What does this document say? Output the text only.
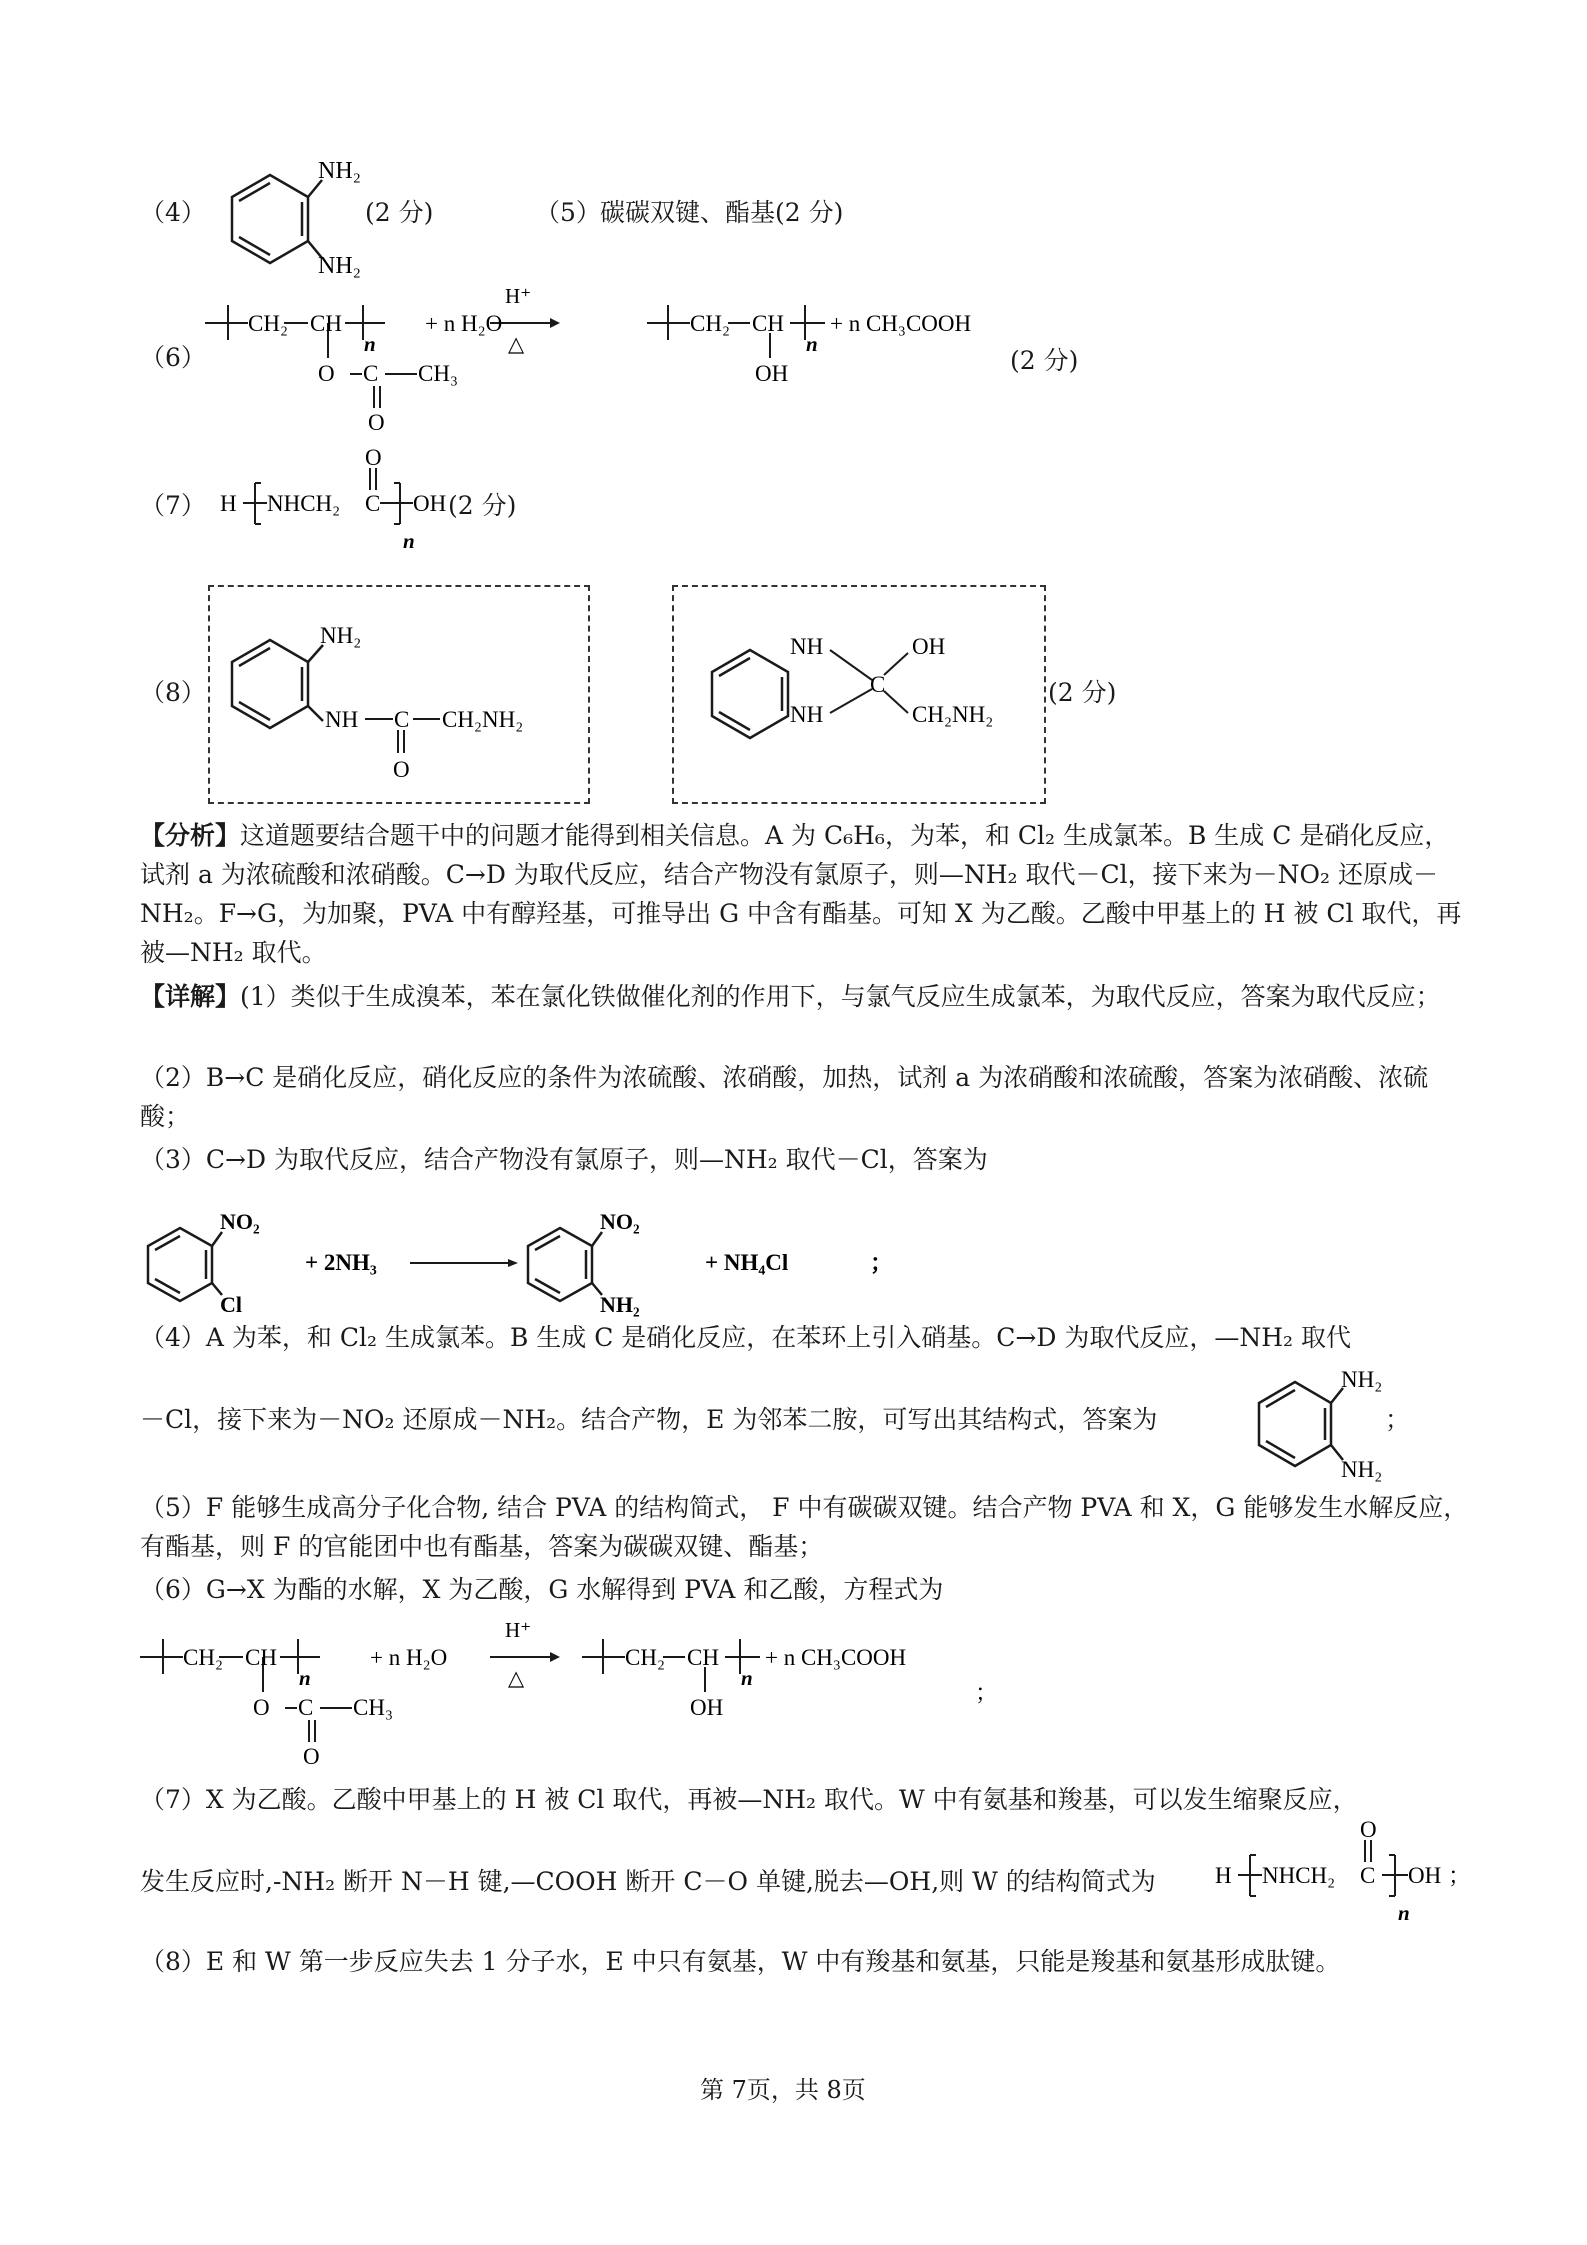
（4）
NH₂
NH₂
(2 分)	（5） 碳碳双键、酯基(2 分)
（6）
CH₂ CH
n
O C CH₃
O
+ n H₂O
H⁺
△
CH₂ CH
n
OH
+ n CH₃COOH
(2 分)
（7） H NHCH₂ C
O
OH
n
(2 分)
（8）
NH₂
NH C CH₂NH₂
O
NH
NH
C
OH
CH₂NH₂
(2 分)
【分析】这道题要结合题干中的问题才能得到相关信息。A 为 C₆H₆，为苯，和 Cl₂ 生成氯苯。B 生成 C 是硝化反应，试剂 a 为浓硫酸和浓硝酸。C→D 为取代反应，结合产物没有氯原子，则—NH₂ 取代－Cl，接下来为－NO₂ 还原成－NH₂。F→G，为加聚，PVA 中有醇羟基，可推导出 G 中含有酯基。可知 X 为乙酸。乙酸中甲基上的 H 被 Cl 取代，再被—NH₂ 取代。
【详解】(1）类似于生成溴苯，苯在氯化铁做催化剂的作用下，与氯气反应生成氯苯，为取代反应，答案为取代反应；
（2）B→C 是硝化反应，硝化反应的条件为浓硫酸、浓硝酸，加热，试剂 a 为浓硝酸和浓硫酸，答案为浓硝酸、浓硫酸；
（3）C→D 为取代反应，结合产物没有氯原子，则—NH₂ 取代－Cl，答案为
NO₂
Cl
+ 2NH₃
NO₂
NH₂
+ NH₄Cl	；
（4）A 为苯，和 Cl₂ 生成氯苯。B 生成 C 是硝化反应，在苯环上引入硝基。C→D 为取代反应，—NH₂ 取代
－Cl，接下来为－NO₂ 还原成－NH₂。结合产物，E 为邻苯二胺，可写出其结构式，答案为
NH₂
NH₂
；
（5）F 能够生成高分子化合物, 结合 PVA 的结构简式， F 中有碳碳双键。结合产物 PVA 和 X，G 能够发生水解反应，有酯基，则 F 的官能团中也有酯基，答案为碳碳双键、酯基；
（6）G→X 为酯的水解，X 为乙酸，G 水解得到 PVA 和乙酸，方程式为
CH₂ CH
n
O C CH₃
O
+ n H₂O
H⁺
△
CH₂ CH
n
OH
+ n CH₃COOH
；
（7）X 为乙酸。乙酸中甲基上的 H 被 Cl 取代，再被—NH₂ 取代。W 中有氨基和羧基，可以发生缩聚反应，
发生反应时,-NH₂ 断开 N－H 键,—COOH 断开 C－O 单键,脱去—OH,则 W 的结构简式为	H NHCH₂ C
O
OH
n
；
（8）E 和 W 第一步反应失去 1 分子水，E 中只有氨基，W 中有羧基和氨基，只能是羧基和氨基形成肽键。
第 7页，共 8页
